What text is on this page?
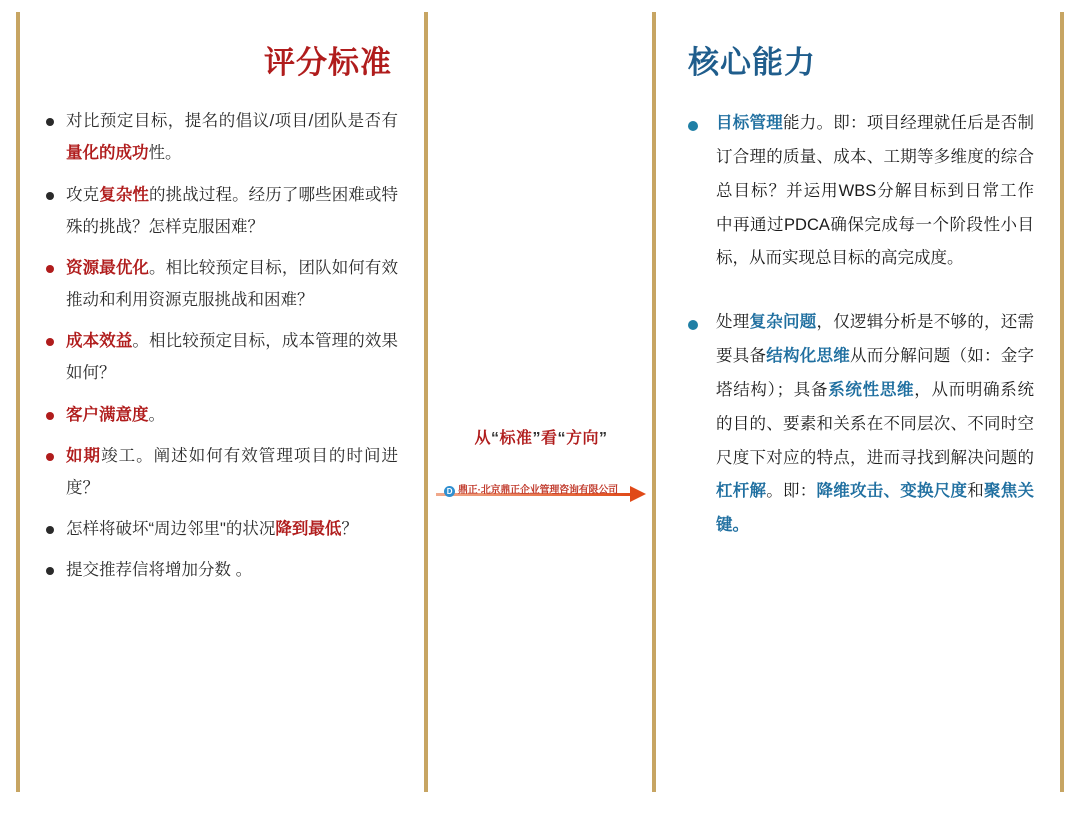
评分标准
对比预定目标，提名的倡议/项目/团队是否有量化的成功性。
攻克复杂性的挑战过程。经历了哪些困难或特殊的挑战？怎样克服困难？
资源最优化。相比较预定目标，团队如何有效推动和利用资源克服挑战和困难？
成本效益。相比较预定目标，成本管理的效果如何？
客户满意度。
如期竣工。阐述如何有效管理项目的时间进度？
怎样将破坏“周边邻里"的状况降到最低？
提交推荐信将增加分数 。
从“标准”看“方向”
D 鼎正·北京鼎正企业管理咨询有限公司
核心能力
目标管理能力。即：项目经理就任后是否制订合理的质量、成本、工期等多维度的综合总目标？并运用WBS分解目标到日常工作中再通过PDCA确保完成每一个阶段性小目标，从而实现总目标的高完成度。
处理复杂问题，仅逻辑分析是不够的，还需要具备结构化思维从而分解问题（如：金字塔结构）；具备系统性思维，从而明确系统的目的、要素和关系在不同层次、不同时空尺度下对应的特点，进而寻找到解决问题的杠杆解。即：降维攻击、变换尺度和聚焦关键。
